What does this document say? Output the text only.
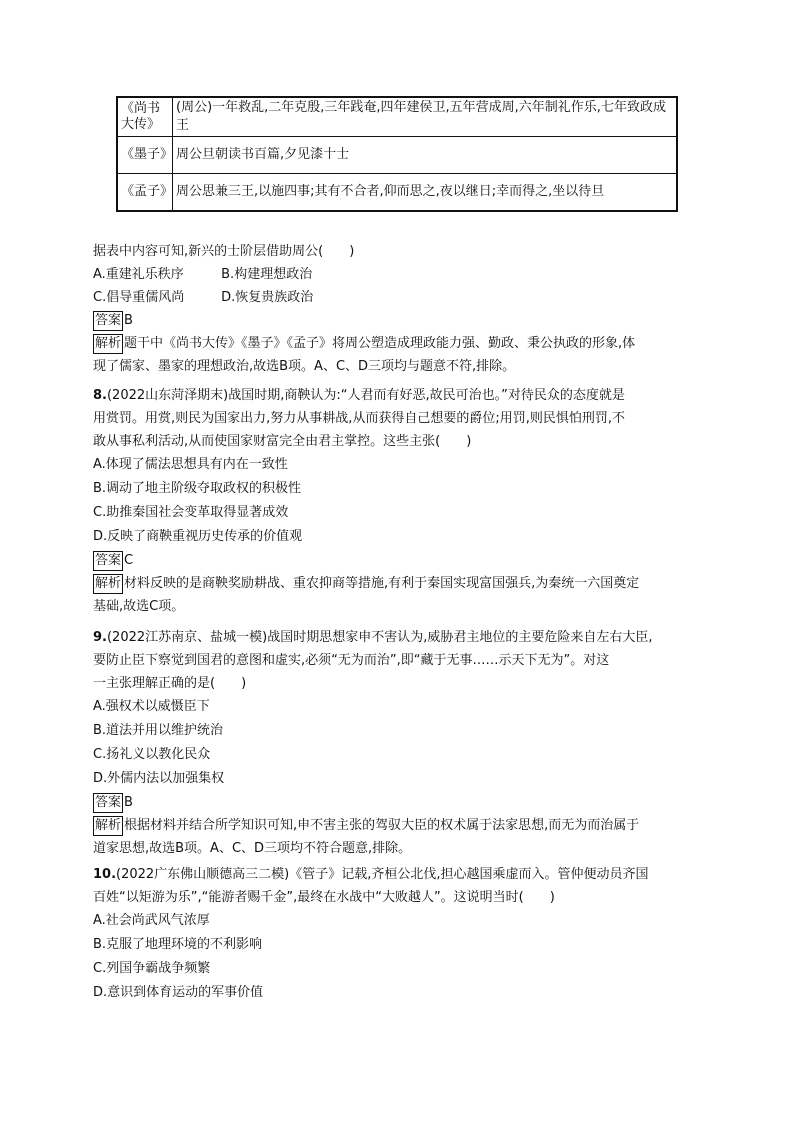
《尚书大传》	(周公)一年救乱,二年克殷,三年践奄,四年建侯卫,五年营成周,六年制礼作乐,七年致政成王
《墨子》	周公旦朝读书百篇,夕见漆十士
《孟子》	周公思兼三王,以施四事;其有不合者,仰而思之,夜以继日;幸而得之,坐以待旦
据表中内容可知,新兴的士阶层借助周公(　　)
A.重建礼乐秩序	B.构建理想政治
C.倡导重儒风尚	D.恢复贵族政治
答案 B
解析 题干中《尚书大传》《墨子》《孟子》将周公塑造成理政能力强、勤政、秉公执政的形象,体
现了儒家、墨家的理想政治,故选B项。A、C、D三项均与题意不符,排除。
8.(2022山东菏泽期末)战国时期,商鞅认为:“人君而有好恶,故民可治也。”对待民众的态度就是
用赏罚。用赏,则民为国家出力,努力从事耕战,从而获得自己想要的爵位;用罚,则民惧怕刑罚,不
敢从事私利活动,从而使国家财富完全由君主掌控。这些主张(　　)
A.体现了儒法思想具有内在一致性
B.调动了地主阶级夺取政权的积极性
C.助推秦国社会变革取得显著成效
D.反映了商鞅重视历史传承的价值观
答案 C
解析 材料反映的是商鞅奖励耕战、重农抑商等措施,有利于秦国实现富国强兵,为秦统一六国奠定
基础,故选C项。
9.(2022江苏南京、盐城一模)战国时期思想家申不害认为,威胁君主地位的主要危险来自左右大臣,
要防止臣下察觉到国君的意图和虚实,必须“无为而治”,即“藏于无事……示天下无为”。对这
一主张理解正确的是(　　)
A.强权术以威慑臣下
B.道法并用以维护统治
C.扬礼义以教化民众
D.外儒内法以加强集权
答案 B
解析 根据材料并结合所学知识可知,申不害主张的驾驭大臣的权术属于法家思想,而无为而治属于
道家思想,故选B项。A、C、D三项均不符合题意,排除。
10.(2022广东佛山顺德高三二模)《管子》记载,齐桓公北伐,担心越国乘虚而入。管仲便动员齐国
百姓“以矩游为乐”,“能游者赐千金”,最终在水战中“大败越人”。这说明当时(　　)
A.社会尚武风气浓厚
B.克服了地理环境的不利影响
C.列国争霸战争频繁
D.意识到体育运动的军事价值
